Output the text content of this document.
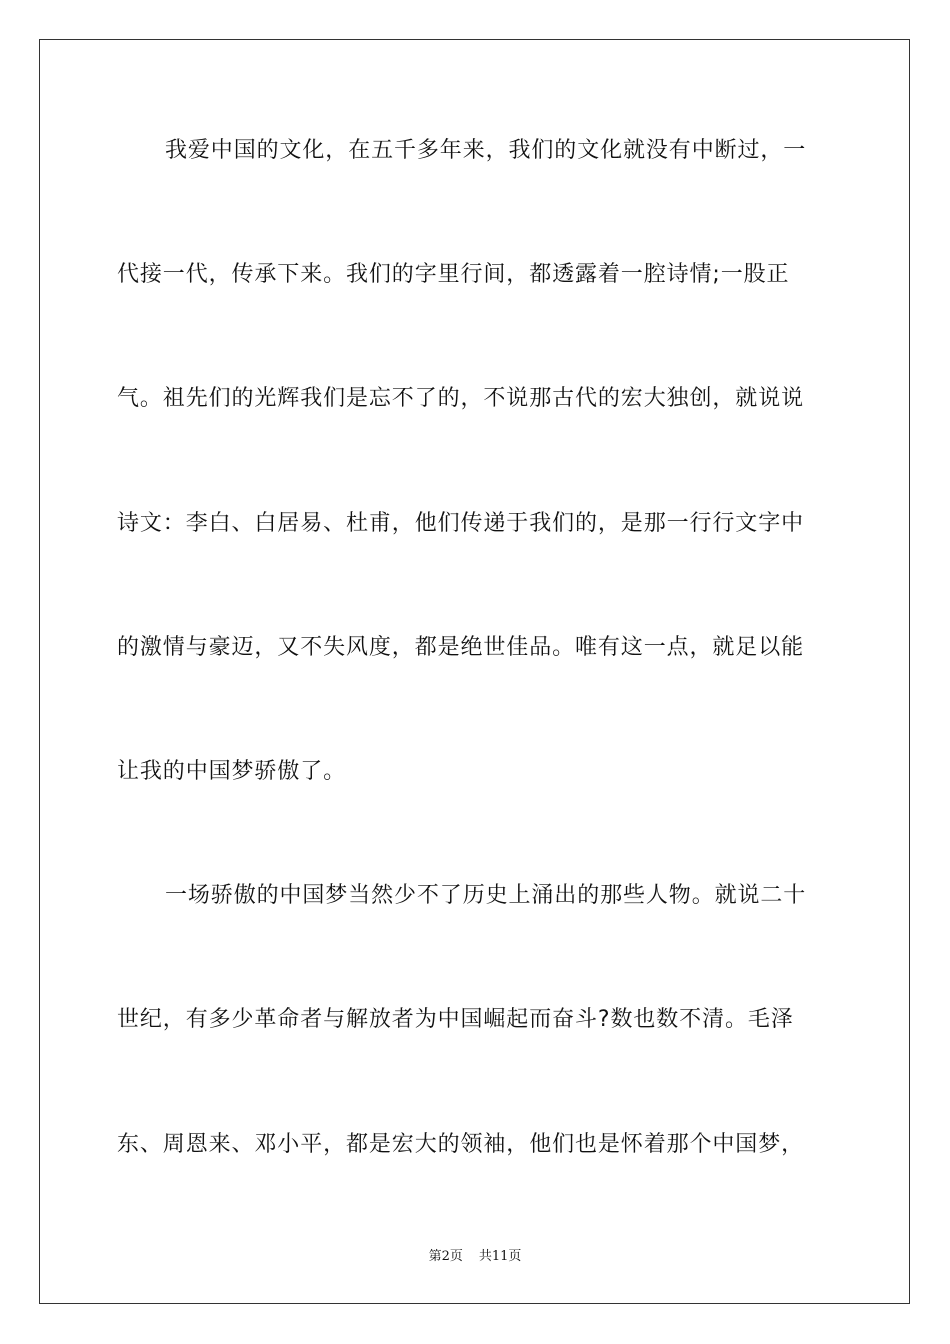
我爱中国的文化，在五千多年来，我们的文化就没有中断过，一
代接一代，传承下来。我们的字里行间，都透露着一腔诗情;一股正
气。祖先们的光辉我们是忘不了的，不说那古代的宏大独创，就说说
诗文：李白、白居易、杜甫，他们传递于我们的，是那一行行文字中
的激情与豪迈，又不失风度，都是绝世佳品。唯有这一点，就足以能
让我的中国梦骄傲了。
一场骄傲的中国梦当然少不了历史上涌出的那些人物。就说二十
世纪，有多少革命者与解放者为中国崛起而奋斗?数也数不清。毛泽
东、周恩来、邓小平，都是宏大的领袖，他们也是怀着那个中国梦，
第2页 共11页
